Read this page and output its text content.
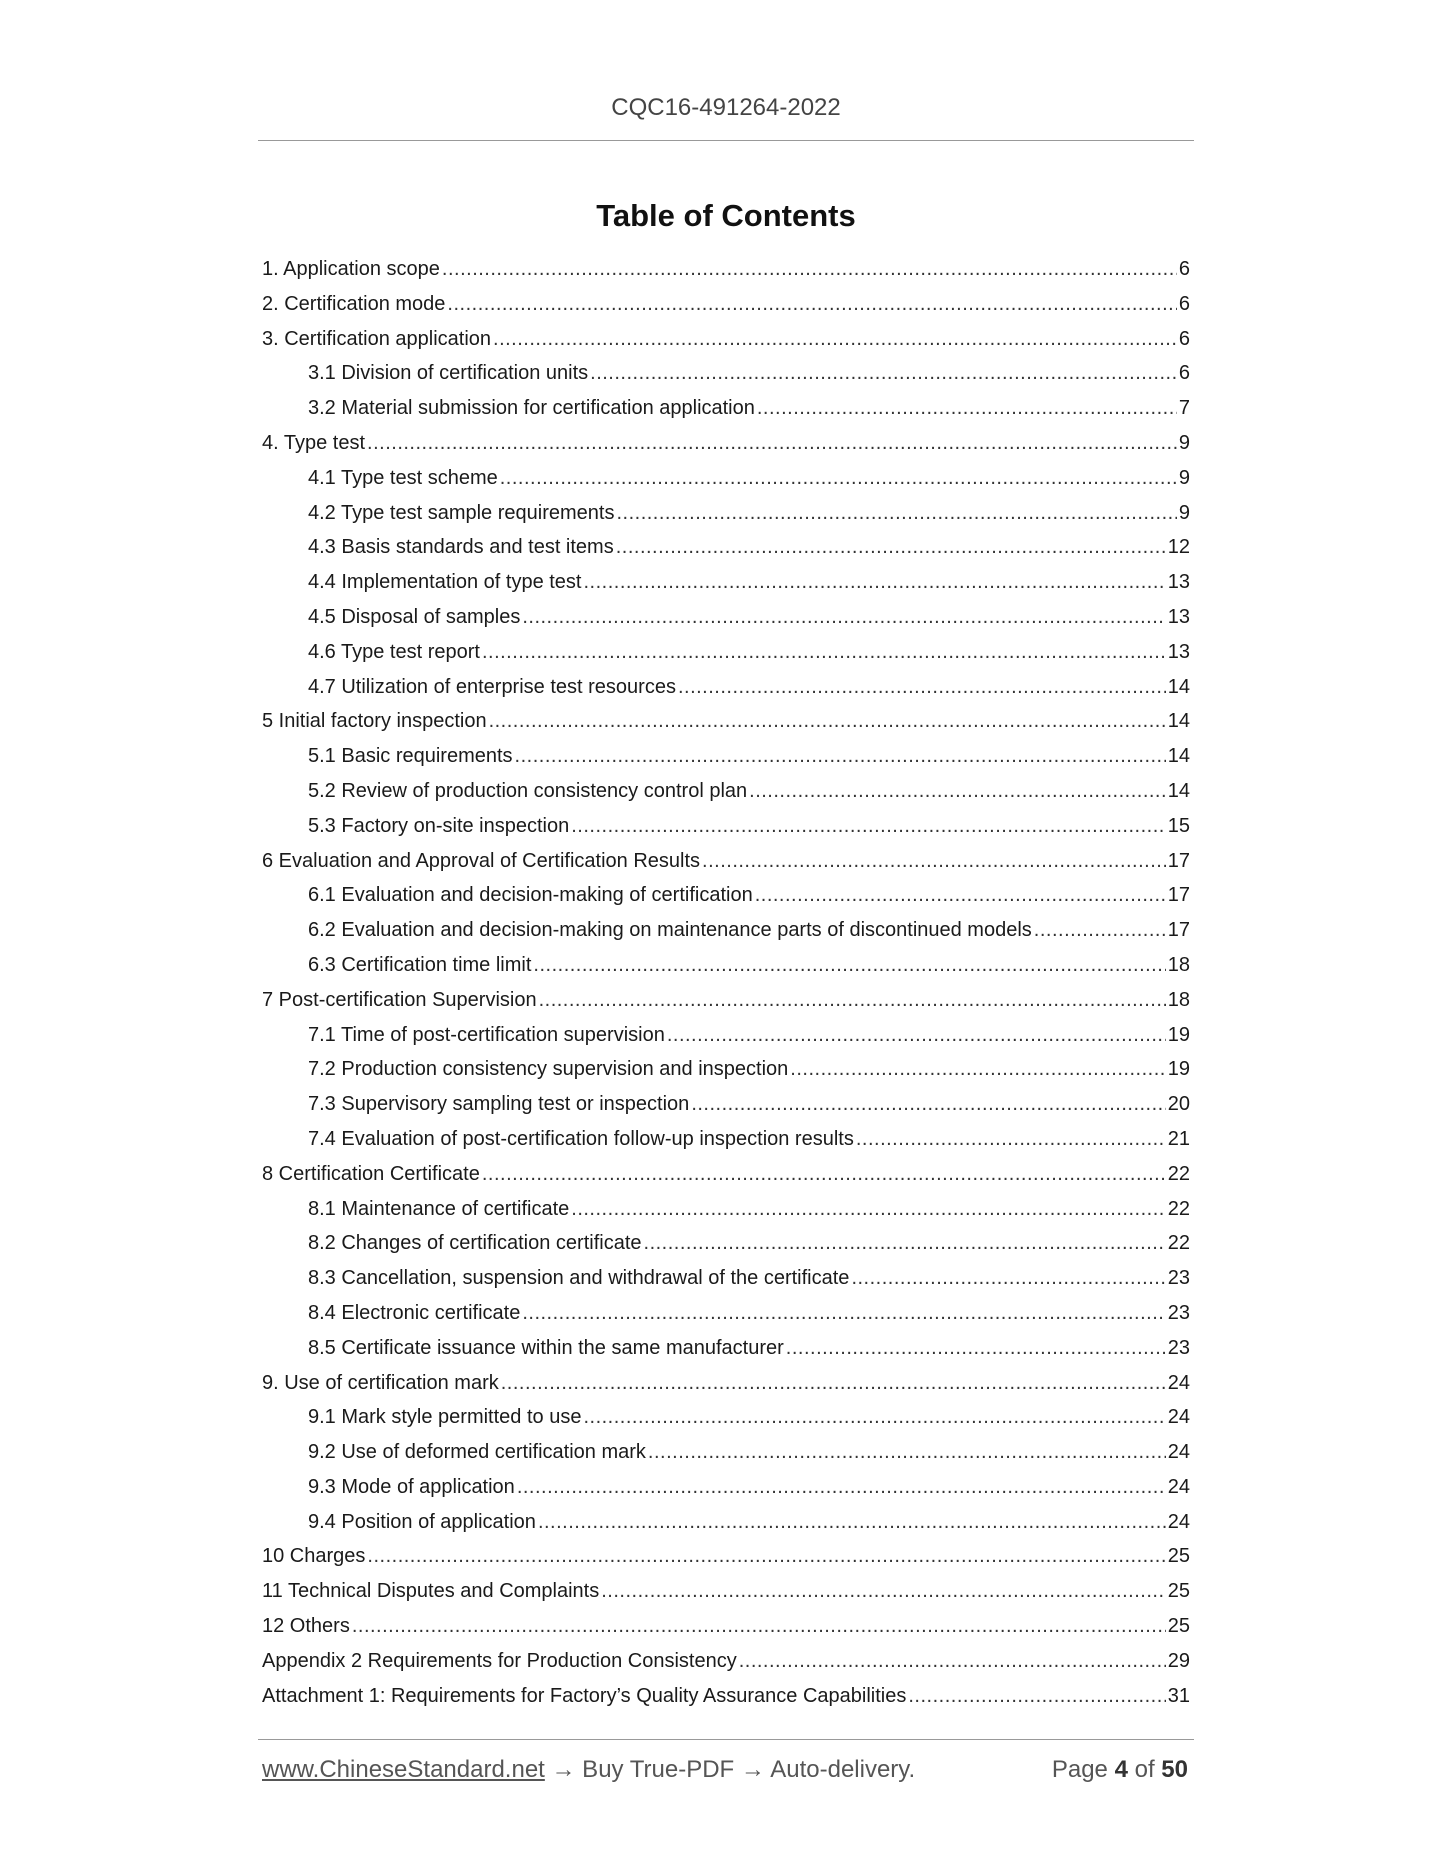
CQC16-491264-2022
Table of Contents
1. Application scope .....	6
2. Certification mode .....	6
3. Certification application .....	6
3.1 Division of certification units .....	6
3.2 Material submission for certification application .....	7
4. Type test .....	9
4.1 Type test scheme .....	9
4.2 Type test sample requirements .....	9
4.3 Basis standards and test items .....	12
4.4 Implementation of type test .....	13
4.5 Disposal of samples .....	13
4.6 Type test report .....	13
4.7 Utilization of enterprise test resources .....	14
5 Initial factory inspection .....	14
5.1 Basic requirements .....	14
5.2 Review of production consistency control plan .....	14
5.3 Factory on-site inspection .....	15
6 Evaluation and Approval of Certification Results .....	17
6.1 Evaluation and decision-making of certification .....	17
6.2 Evaluation and decision-making on maintenance parts of discontinued models .....	17
6.3 Certification time limit .....	18
7 Post-certification Supervision .....	18
7.1 Time of post-certification supervision .....	19
7.2 Production consistency supervision and inspection .....	19
7.3 Supervisory sampling test or inspection .....	20
7.4 Evaluation of post-certification follow-up inspection results .....	21
8 Certification Certificate .....	22
8.1 Maintenance of certificate .....	22
8.2 Changes of certification certificate .....	22
8.3 Cancellation, suspension and withdrawal of the certificate .....	23
8.4 Electronic certificate .....	23
8.5 Certificate issuance within the same manufacturer .....	23
9. Use of certification mark .....	24
9.1 Mark style permitted to use .....	24
9.2 Use of deformed certification mark .....	24
9.3 Mode of application .....	24
9.4 Position of application .....	24
10 Charges .....	25
11 Technical Disputes and Complaints .....	25
12 Others .....	25
Appendix 2 Requirements for Production Consistency .....	29
Attachment 1: Requirements for Factory’s Quality Assurance Capabilities .....	31
www.ChineseStandard.net → Buy True-PDF → Auto-delivery.	Page 4 of 50
